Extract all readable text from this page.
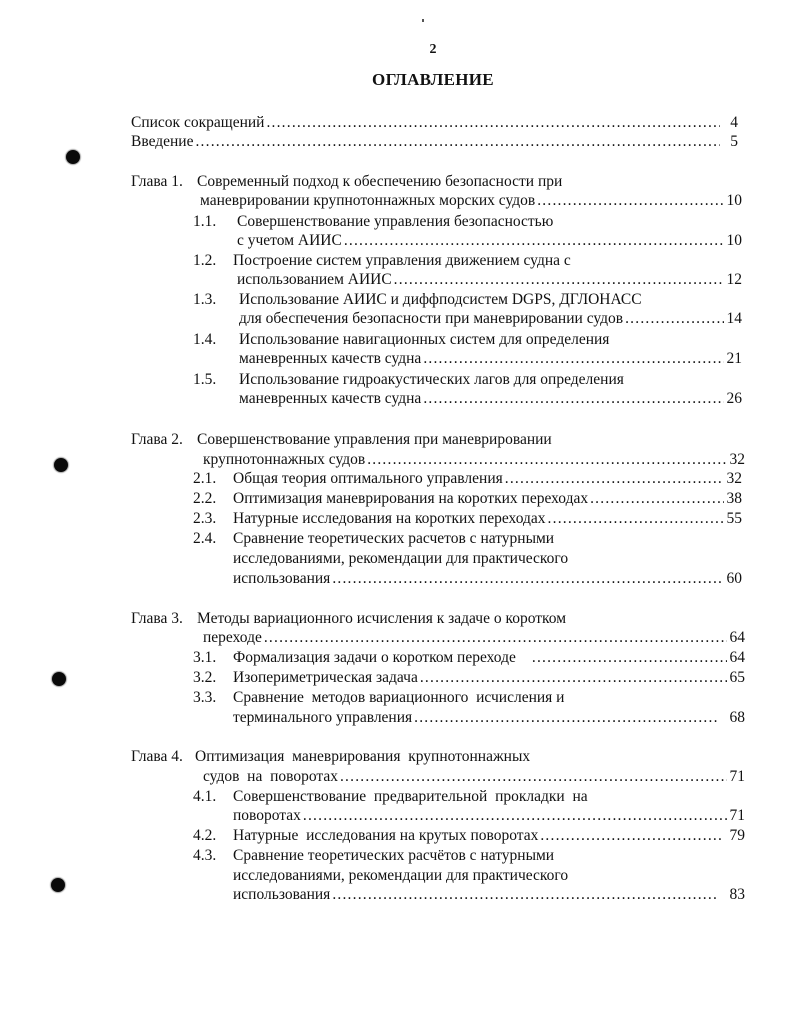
2
ОГЛАВЛЕНИЕ
Список сокращений .....	4
Введение .....	5
Глава 1. Современный подход к обеспечению безопасности при
маневрировании крупнотоннажных морских судов .....	10
1.1.	Совершенствование управления безопасностью
с учетом АИИС .....	10
1.2.	Построение систем управления движением судна с
использованием АИИС .....	12
1.3.	Использование АИИС и диффподсистем DGPS, ДГЛОНАСС
для обеспечения безопасности при маневрировании судов .....	14
1.4.	Использование навигационных систем для определения
маневренных качеств судна .....	21
1.5.	Использование гидроакустических лагов для определения
маневренных качеств судна .....	26
Глава 2. Совершенствование управления при маневрировании
крупнотоннажных судов .....	32
2.1.	Общая теория оптимального управления .....	32
2.2.	Оптимизация маневрирования на коротких переходах .....	38
2.3.	Натурные исследования на коротких переходах .....	55
2.4.	Сравнение теоретических расчетов с натурными
исследованиями, рекомендации для практического
использования .....	60
Глава 3. Методы вариационного исчисления к задаче о коротком
переходе .....	64
3.1.	Формализация задачи о коротком переходе .....	64
3.2.	Изопериметрическая задача .....	65
3.3.	Сравнение  методов вариационного  исчисления и
терминального управления .....	68
Глава 4. Оптимизация  маневрирования  крупнотоннажных
судов  на  поворотах .....	71
4.1.	Совершенствование  предварительной  прокладки  на
поворотах .....	71
4.2.	Натурные  исследования на крутых поворотах .....	79
4.3.	Сравнение теоретических расчётов с натурными
исследованиями, рекомендации для практического
использования .....	83
